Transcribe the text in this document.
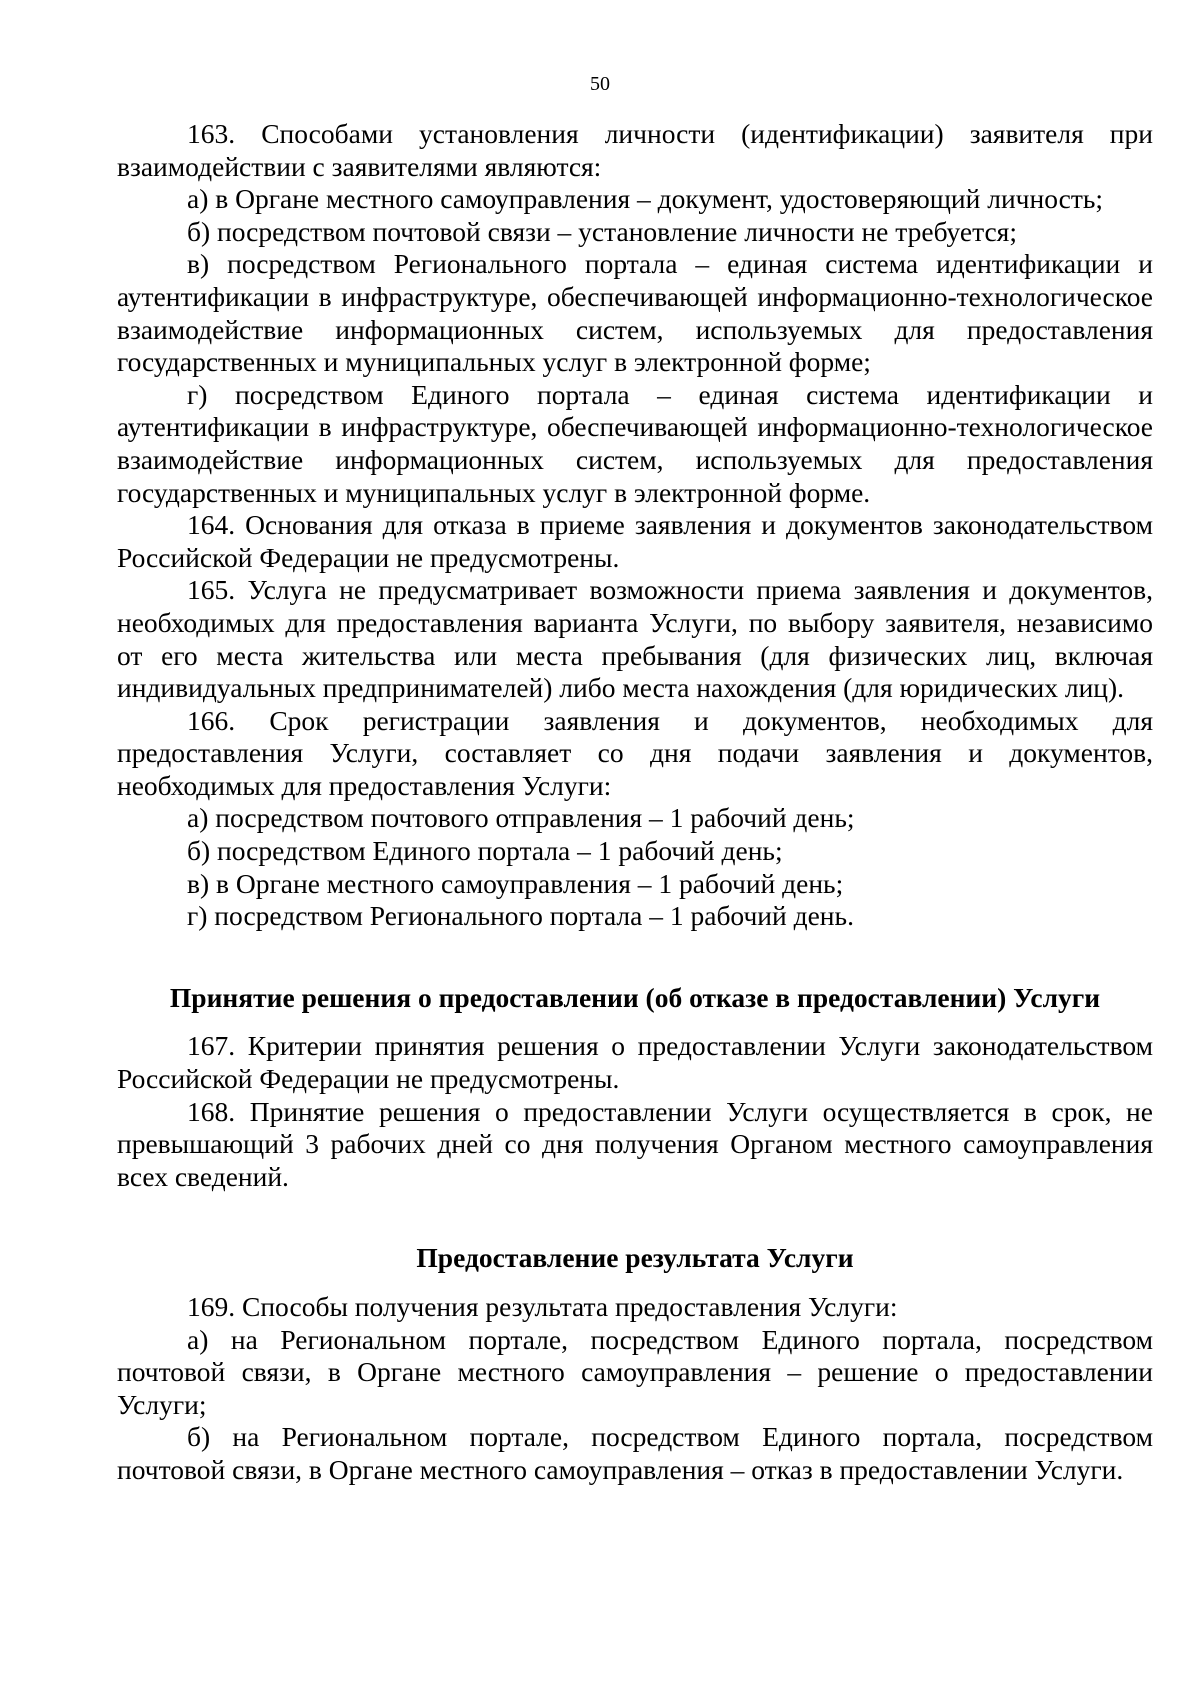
50

163. Способами установления личности (идентификации) заявителя при взаимодействии с заявителями являются:

а) в Органе местного самоуправления – документ, удостоверяющий личность;

б) посредством почтовой связи – установление личности не требуется;

в) посредством Регионального портала – единая система идентификации и аутентификации в инфраструктуре, обеспечивающей информационно-технологическое взаимодействие информационных систем, используемых для предоставления государственных и муниципальных услуг в электронной форме;

г) посредством Единого портала – единая система идентификации и аутентификации в инфраструктуре, обеспечивающей информационно-технологическое взаимодействие информационных систем, используемых для предоставления государственных и муниципальных услуг в электронной форме.

164. Основания для отказа в приеме заявления и документов законодательством Российской Федерации не предусмотрены.

165. Услуга не предусматривает возможности приема заявления и документов, необходимых для предоставления варианта Услуги, по выбору заявителя, независимо от его места жительства или места пребывания (для физических лиц, включая индивидуальных предпринимателей) либо места нахождения (для юридических лиц).

166. Срок регистрации заявления и документов, необходимых для предоставления Услуги, составляет со дня подачи заявления и документов, необходимых для предоставления Услуги:

а) посредством почтового отправления – 1 рабочий день;

б) посредством Единого портала – 1 рабочий день;

в) в Органе местного самоуправления – 1 рабочий день;

г) посредством Регионального портала – 1 рабочий день.

Принятие решения о предоставлении (об отказе в предоставлении) Услуги

167. Критерии принятия решения о предоставлении Услуги законодательством Российской Федерации не предусмотрены.

168. Принятие решения о предоставлении Услуги осуществляется в срок, не превышающий 3 рабочих дней со дня получения Органом местного самоуправления всех сведений.

Предоставление результата Услуги

169. Способы получения результата предоставления Услуги:

а) на Региональном портале, посредством Единого портала, посредством почтовой связи, в Органе местного самоуправления – решение о предоставлении Услуги;

б) на Региональном портале, посредством Единого портала, посредством почтовой связи, в Органе местного самоуправления – отказ в предоставлении Услуги.
